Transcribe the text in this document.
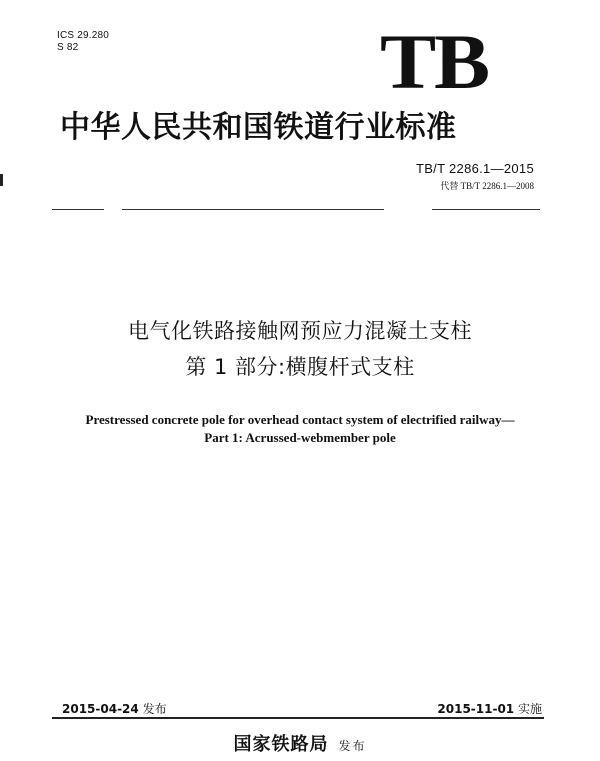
ICS 29.280
S 82	TB
中华人民共和国铁道行业标准
TB/T 2286.1—2015
代替 TB/T 2286.1—2008
电气化铁路接触网预应力混凝土支柱
第 1 部分:横腹杆式支柱
Prestressed concrete pole for overhead contact system of electrified railway—
Part 1: Acrussed-webmember pole
2015-04-24 发布	2015-11-01 实施
国家铁路局 发布
